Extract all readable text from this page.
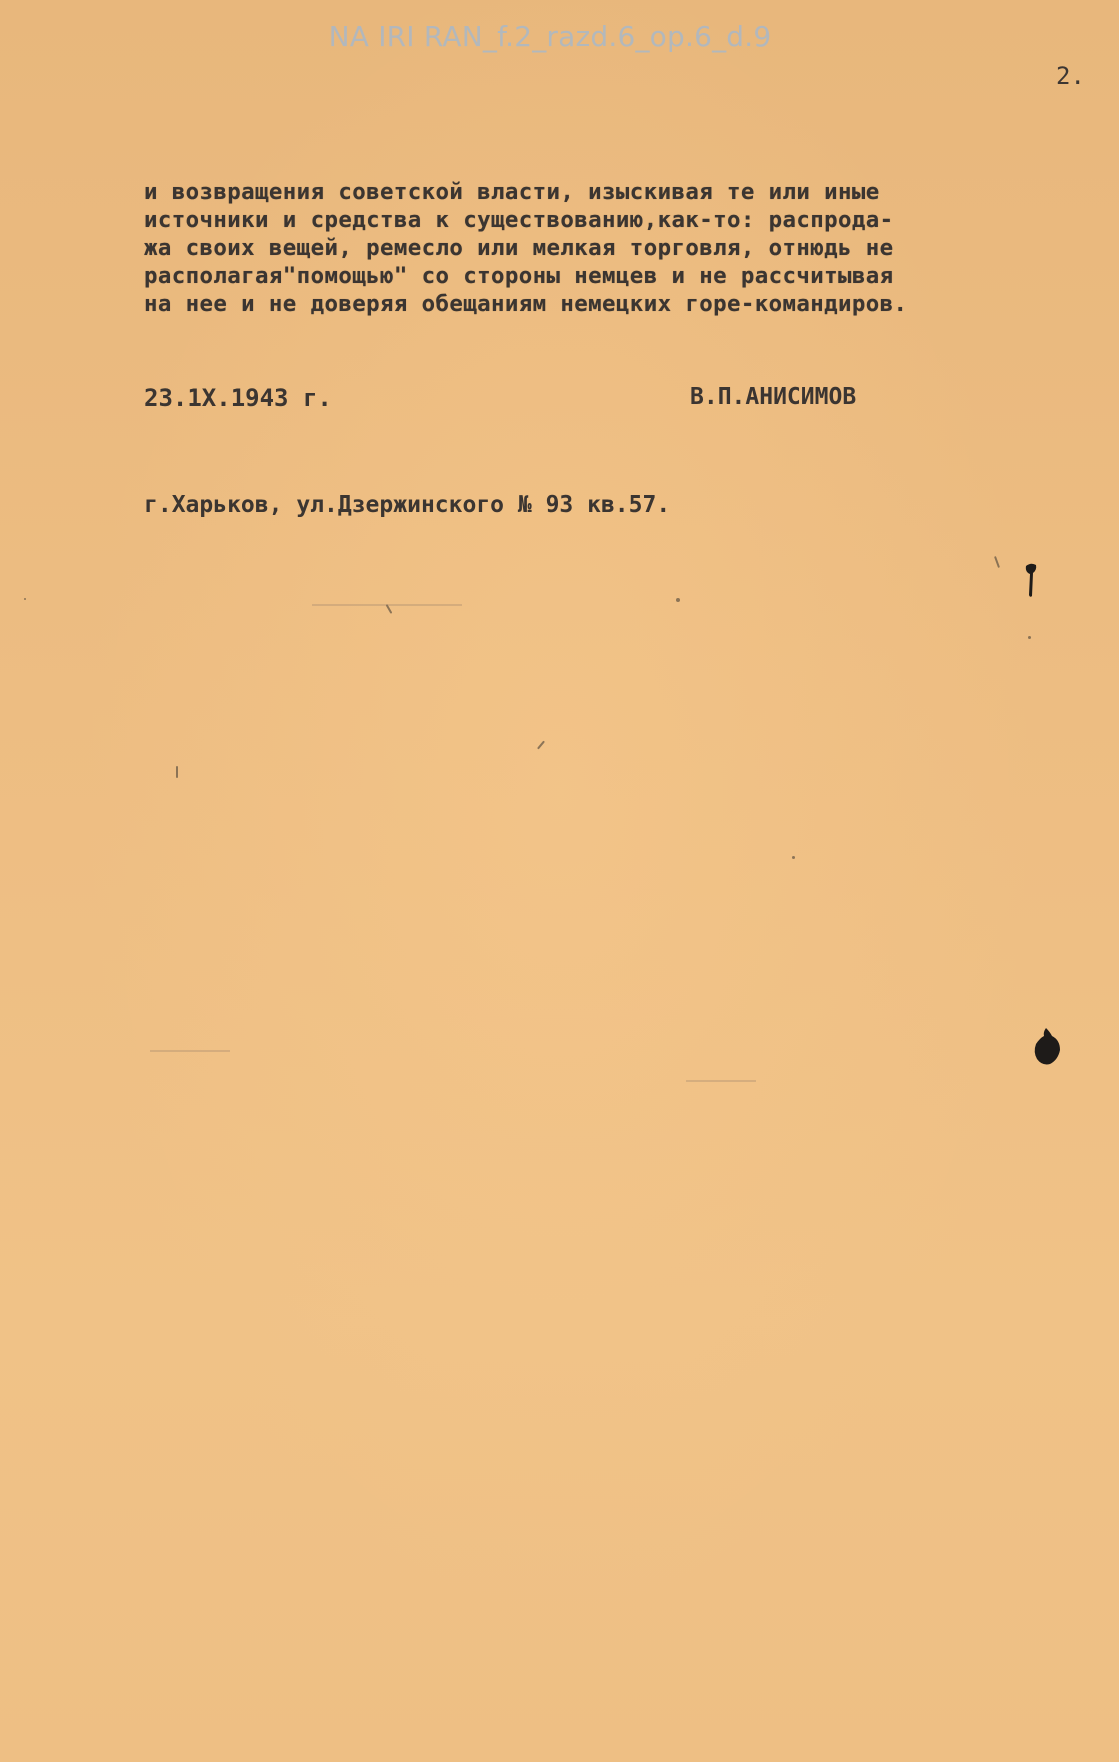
NA IRI RAN_f.2_razd.6_op.6_d.9
2.
и возвращения советской власти, изыскивая те или иные
источники и средства к существованию,как-то: распрода-
жа своих вещей, ремесло или мелкая торговля, отнюдь не
располагая"помощью" со стороны немцев и не рассчитывая
на нее и не доверяя обещаниям немецких горе-командиров.
23.1X.1943 г.	В.П.АНИСИМОВ
г.Харьков, ул.Дзержинского № 93 кв.57.
